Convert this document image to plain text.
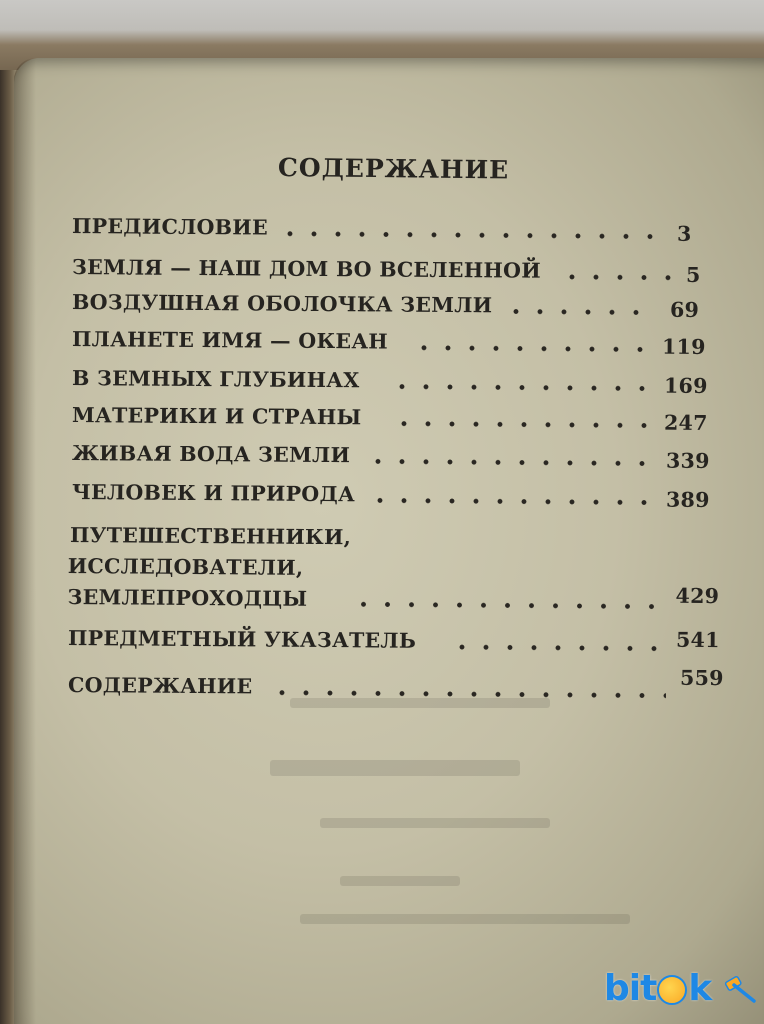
СОДЕРЖАНИЕ
ПРЕДИСЛОВИЕ	3
ЗЕМЛЯ — НАШ ДОМ ВО ВСЕЛЕННОЙ	5
ВОЗДУШНАЯ ОБОЛОЧКА ЗЕМЛИ	69
ПЛАНЕТЕ ИМЯ — ОКЕАН	119
В ЗЕМНЫХ ГЛУБИНАХ	169
МАТЕРИКИ И СТРАНЫ	247
ЖИВАЯ ВОДА ЗЕМЛИ	339
ЧЕЛОВЕК И ПРИРОДА	389
ПУТЕШЕСТВЕННИКИ,
ИССЛЕДОВАТЕЛИ,
ЗЕМЛЕПРОХОДЦЫ	429
ПРЕДМЕТНЫЙ УКАЗАТЕЛЬ	541
СОДЕРЖАНИЕ	559
bit k
